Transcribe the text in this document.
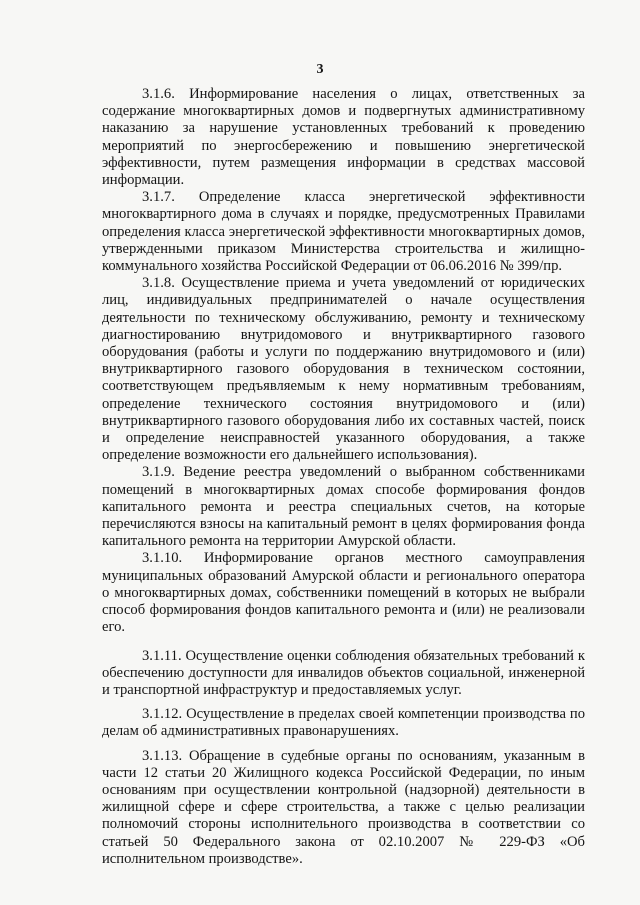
3

3.1.6. Информирование населения о лицах, ответственных за содержание многоквартирных домов и подвергнутых административному наказанию за нарушение установленных требований к проведению мероприятий по энергосбережению и повышению энергетической эффективности, путем размещения информации в средствах массовой информации.

3.1.7. Определение класса энергетической эффективности многоквартирного дома в случаях и порядке, предусмотренных Правилами определения класса энергетической эффективности многоквартирных домов, утвержденными приказом Министерства строительства и жилищно-коммунального хозяйства Российской Федерации от 06.06.2016 № 399/пр.

3.1.8. Осуществление приема и учета уведомлений от юридических лиц, индивидуальных предпринимателей о начале осуществления деятельности по техническому обслуживанию, ремонту и техническому диагностированию внутридомового и внутриквартирного газового оборудования (работы и услуги по поддержанию внутридомового и (или) внутриквартирного газового оборудования в техническом состоянии, соответствующем предъявляемым к нему нормативным требованиям, определение технического состояния внутридомового и (или) внутриквартирного газового оборудования либо их составных частей, поиск и определение неисправностей указанного оборудования, а также определение возможности его дальнейшего использования).

3.1.9. Ведение реестра уведомлений о выбранном собственниками помещений в многоквартирных домах способе формирования фондов капитального ремонта и реестра специальных счетов, на которые перечисляются взносы на капитальный ремонт в целях формирования фонда капитального ремонта на территории Амурской области.

3.1.10. Информирование органов местного самоуправления муниципальных образований Амурской области и регионального оператора о многоквартирных домах, собственники помещений в которых не выбрали способ формирования фондов капитального ремонта и (или) не реализовали его.

3.1.11. Осуществление оценки соблюдения обязательных требований к обеспечению доступности для инвалидов объектов социальной, инженерной и транспортной инфраструктур и предоставляемых услуг.

3.1.12. Осуществление в пределах своей компетенции производства по делам об административных правонарушениях.

3.1.13. Обращение в судебные органы по основаниям, указанным в части 12 статьи 20 Жилищного кодекса Российской Федерации, по иным основаниям при осуществлении контрольной (надзорной) деятельности в жилищной сфере и сфере строительства, а также с целью реализации полномочий стороны исполнительного производства в соответствии со статьей 50 Федерального закона от 02.10.2007 № 229-ФЗ «Об исполнительном производстве».
